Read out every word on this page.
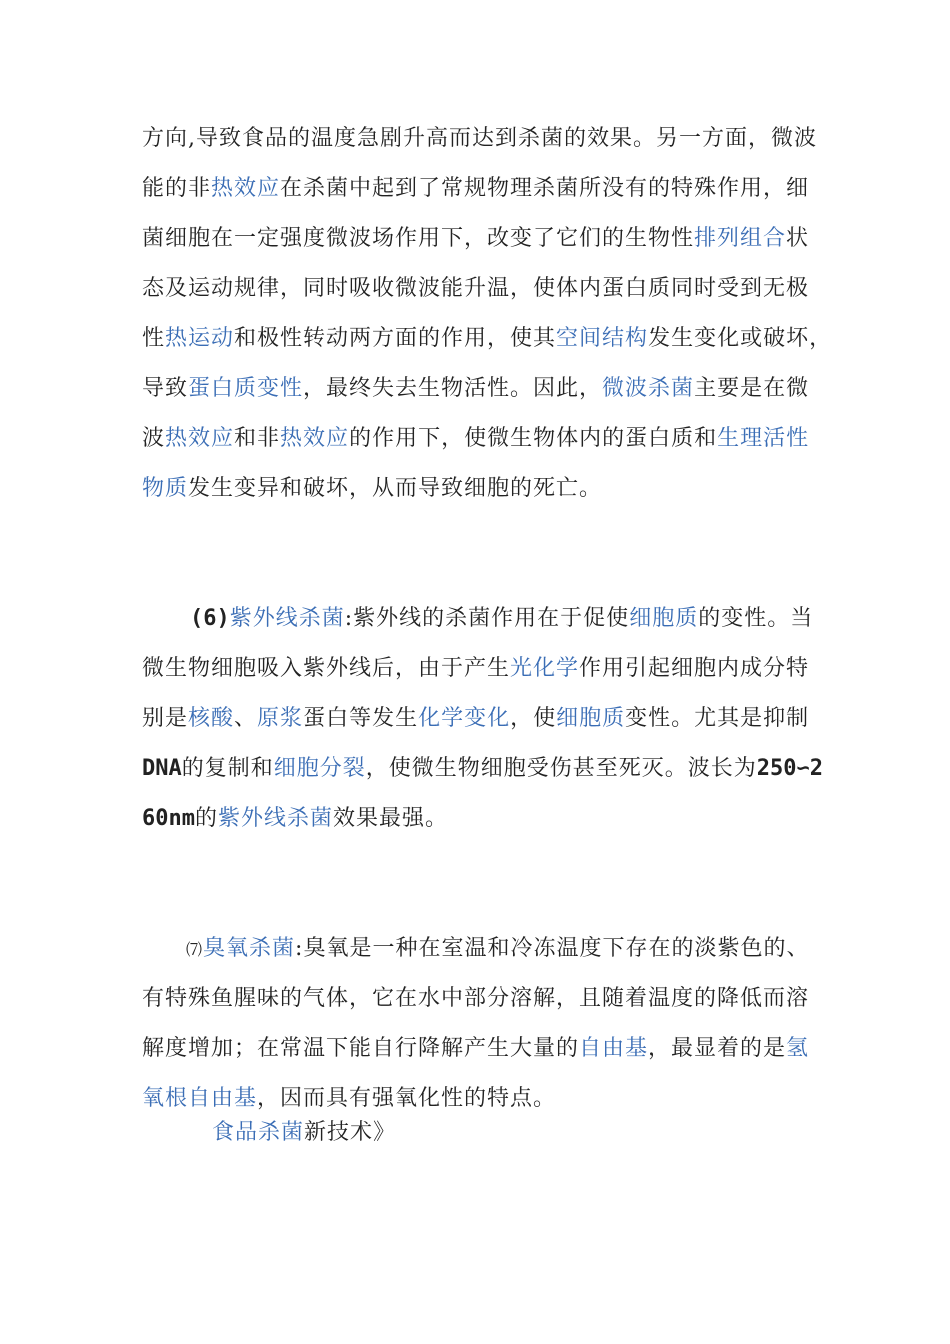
方向,导致食品的温度急剧升高而达到杀菌的效果。另一方面，微波
能的非热效应在杀菌中起到了常规物理杀菌所没有的特殊作用，细
菌细胞在一定强度微波场作用下，改变了它们的生物性排列组合状
态及运动规律，同时吸收微波能升温，使体内蛋白质同时受到无极
性热运动和极性转动两方面的作用，使其空间结构发生变化或破坏，
导致蛋白质变性，最终失去生物活性。因此，微波杀菌主要是在微
波热效应和非热效应的作用下，使微生物体内的蛋白质和生理活性
物质发生变异和破坏，从而导致细胞的死亡。
(6)紫外线杀菌:紫外线的杀菌作用在于促使细胞质的变性。当
微生物细胞吸入紫外线后，由于产生光化学作用引起细胞内成分特
别是核酸、原浆蛋白等发生化学变化，使细胞质变性。尤其是抑制
DNA的复制和细胞分裂，使微生物细胞受伤甚至死灭。波长为250∽2
60nm的紫外线杀菌效果最强。
⑺臭氧杀菌:臭氧是一种在室温和冷冻温度下存在的淡紫色的、
有特殊鱼腥味的气体，它在水中部分溶解，且随着温度的降低而溶
解度增加；在常温下能自行降解产生大量的自由基，最显着的是氢
氧根自由基，因而具有强氧化性的特点。
食品杀菌新技术》
